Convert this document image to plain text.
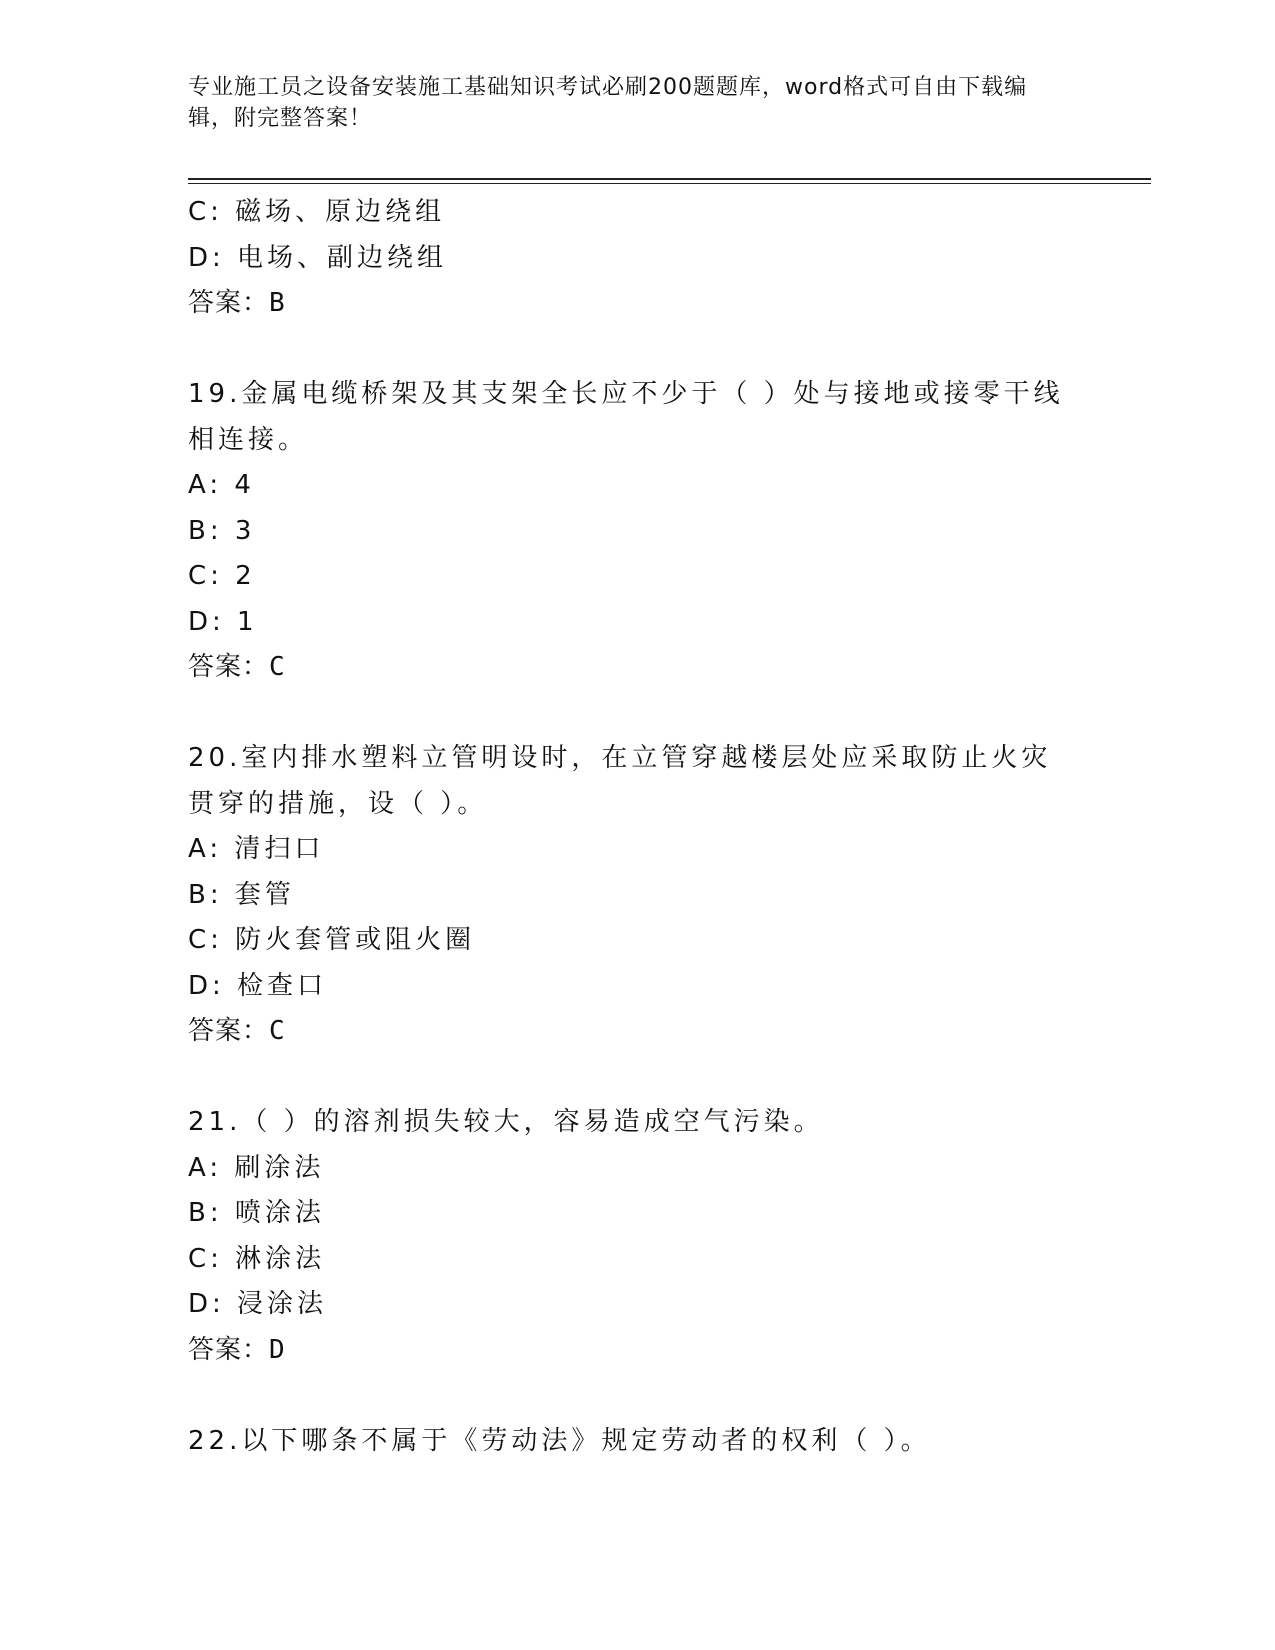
专业施工员之设备安装施工基础知识考试必刷200题题库，word格式可自由下载编辑，附完整答案！
C: 磁场、原边绕组
D: 电场、副边绕组
答案：B
19.金属电缆桥架及其支架全长应不少于（ ）处与接地或接零干线相连接。
A: 4
B: 3
C: 2
D: 1
答案：C
20.室内排水塑料立管明设时，在立管穿越楼层处应采取防止火灾贯穿的措施，设（ ）。
A: 清扫口
B: 套管
C: 防火套管或阻火圈
D: 检查口
答案：C
21.（ ）的溶剂损失较大，容易造成空气污染。
A: 刷涂法
B: 喷涂法
C: 淋涂法
D: 浸涂法
答案：D
22.以下哪条不属于《劳动法》规定劳动者的权利（ ）。
